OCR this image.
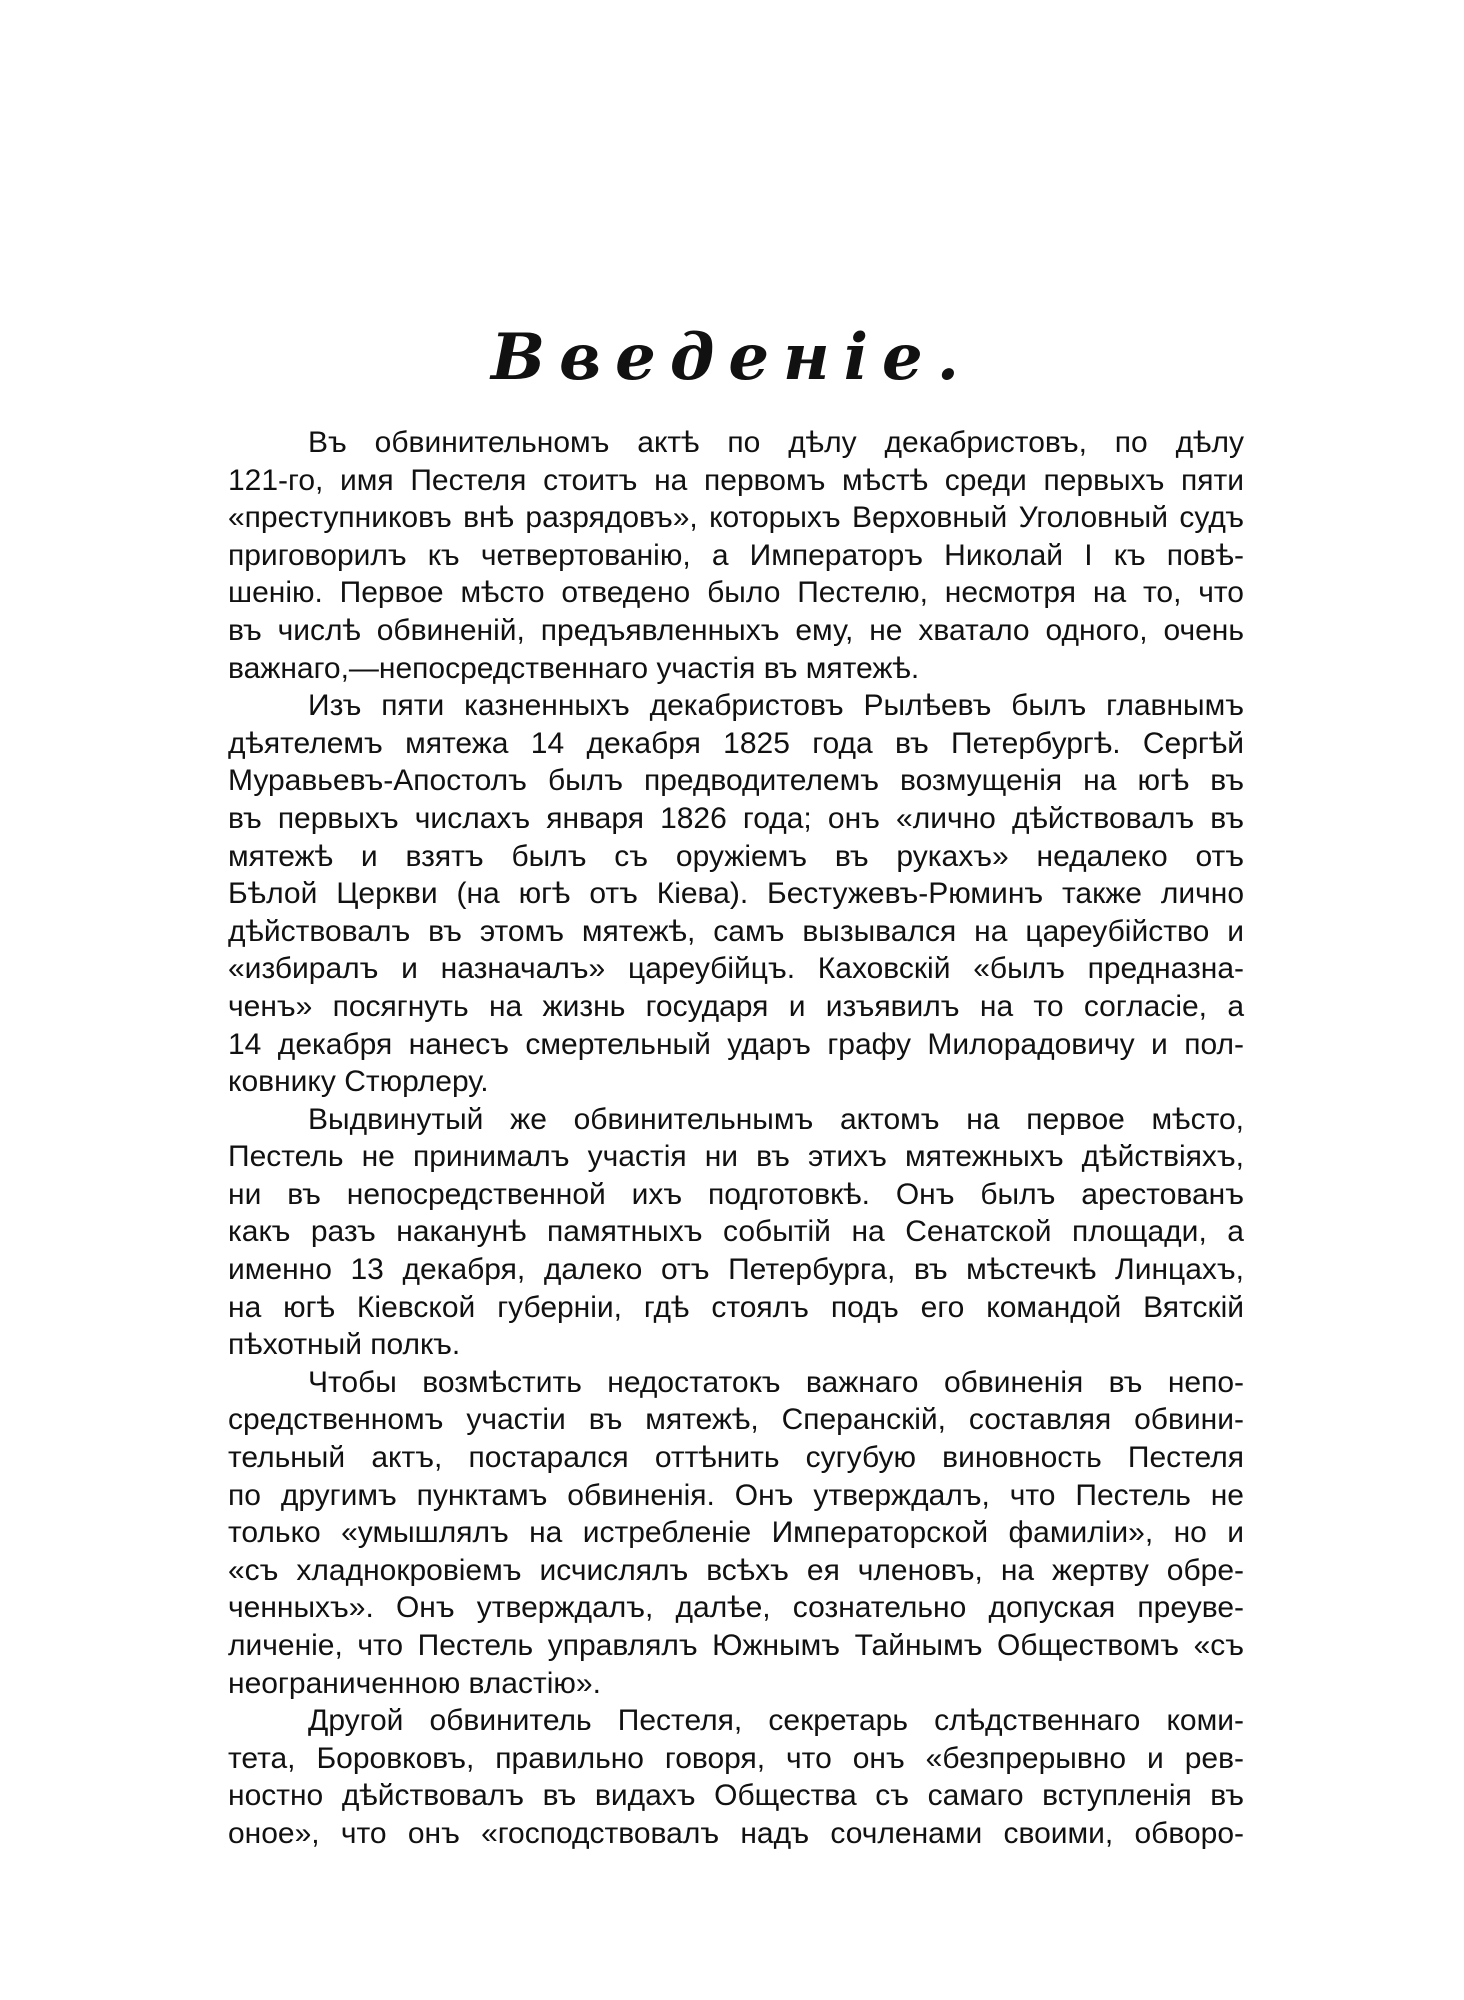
Введеніе.
Въ обвинительномъ актѣ по дѣлу декабристовъ, по дѣлу
121-го, имя Пестеля стоитъ на первомъ мѣстѣ среди первыхъ пяти
«преступниковъ внѣ разрядовъ», которыхъ Верховный Уголовный судъ
приговорилъ къ четвертованію, а Императоръ Николай I къ повѣ-
шенію. Первое мѣсто отведено было Пестелю, несмотря на то, что
въ числѣ обвиненій, предъявленныхъ ему, не хватало одного, очень
важнаго,—непосредственнаго участія въ мятежѣ.
Изъ пяти казненныхъ декабристовъ Рылѣевъ былъ главнымъ
дѣятелемъ мятежа 14 декабря 1825 года въ Петербургѣ. Сергѣй
Муравьевъ-Апостолъ былъ предводителемъ возмущенія на югѣ въ
въ первыхъ числахъ января 1826 года; онъ «лично дѣйствовалъ въ
мятежѣ и взятъ былъ съ оружіемъ въ рукахъ» недалеко отъ
Бѣлой Церкви (на югѣ отъ Кіева). Бестужевъ-Рюминъ также лично
дѣйствовалъ въ этомъ мятежѣ, самъ вызывался на цареубійство и
«избиралъ и назначалъ» цареубійцъ. Каховскій «былъ предназна-
ченъ» посягнуть на жизнь государя и изъявилъ на то согласіе, а
14 декабря нанесъ смертельный ударъ графу Милорадовичу и пол-
ковнику Стюрлеру.
Выдвинутый же обвинительнымъ актомъ на первое мѣсто,
Пестель не принималъ участія ни въ этихъ мятежныхъ дѣйствіяхъ,
ни въ непосредственной ихъ подготовкѣ. Онъ былъ арестованъ
какъ разъ наканунѣ памятныхъ событій на Сенатской площади, а
именно 13 декабря, далеко отъ Петербурга, въ мѣстечкѣ Линцахъ,
на югѣ Кіевской губерніи, гдѣ стоялъ подъ его командой Вятскій
пѣхотный полкъ.
Чтобы возмѣстить недостатокъ важнаго обвиненія въ непо-
средственномъ участіи въ мятежѣ, Сперанскій, составляя обвини-
тельный актъ, постарался оттѣнить сугубую виновность Пестеля
по другимъ пунктамъ обвиненія. Онъ утверждалъ, что Пестель не
только «умышлялъ на истребленіе Императорской фамиліи», но и
«съ хладнокровіемъ исчислялъ всѣхъ ея членовъ, на жертву обре-
ченныхъ». Онъ утверждалъ, далѣе, сознательно допуская преуве-
личеніе, что Пестель управлялъ Южнымъ Тайнымъ Обществомъ «съ
неограниченною властію».
Другой обвинитель Пестеля, секретарь слѣдственнаго коми-
тета, Боровковъ, правильно говоря, что онъ «безпрерывно и рев-
ностно дѣйствовалъ въ видахъ Общества съ самаго вступленія въ
оное», что онъ «господствовалъ надъ сочленами своими, обворо-
